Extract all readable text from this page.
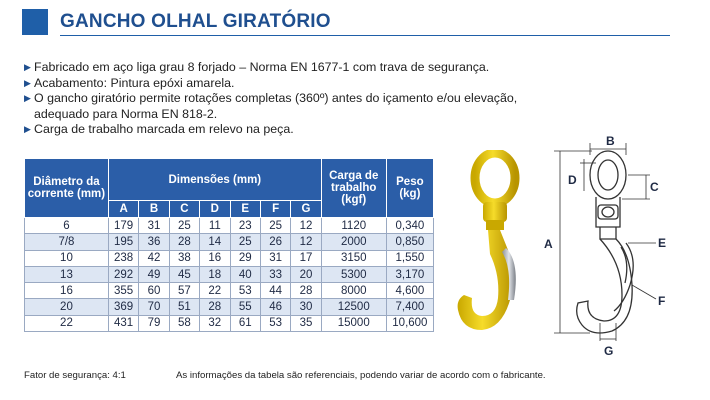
GANCHO OLHAL GIRATÓRIO
▶ Fabricado em aço liga grau 8 forjado – Norma EN 1677-1 com trava de segurança.
▶ Acabamento: Pintura epóxi amarela.
▶ O gancho giratório permite rotações completas (360º) antes do içamento e/ou elevação, adequado para Norma EN 818-2.
▶ Carga de trabalho marcada em relevo na peça.
Diâmetro da corrente (mm)	Dimensões (mm)							Carga de trabalho (kgf)	Peso (kg)
	A	B	C	D	E	F	G		
6	179	31	25	11	23	25	12	1120	0,340
7/8	195	36	28	14	25	26	12	2000	0,850
10	238	42	38	16	29	31	17	3150	1,550
13	292	49	45	18	40	33	20	5300	3,170
16	355	60	57	22	53	44	28	8000	4,600
20	369	70	51	28	55	46	30	12500	7,400
22	431	79	58	32	61	53	35	15000	10,600
B
C
D
A	E
F
G
Fator de segurança: 4:1	As informações da tabela são referenciais, podendo variar de acordo com o fabricante.
